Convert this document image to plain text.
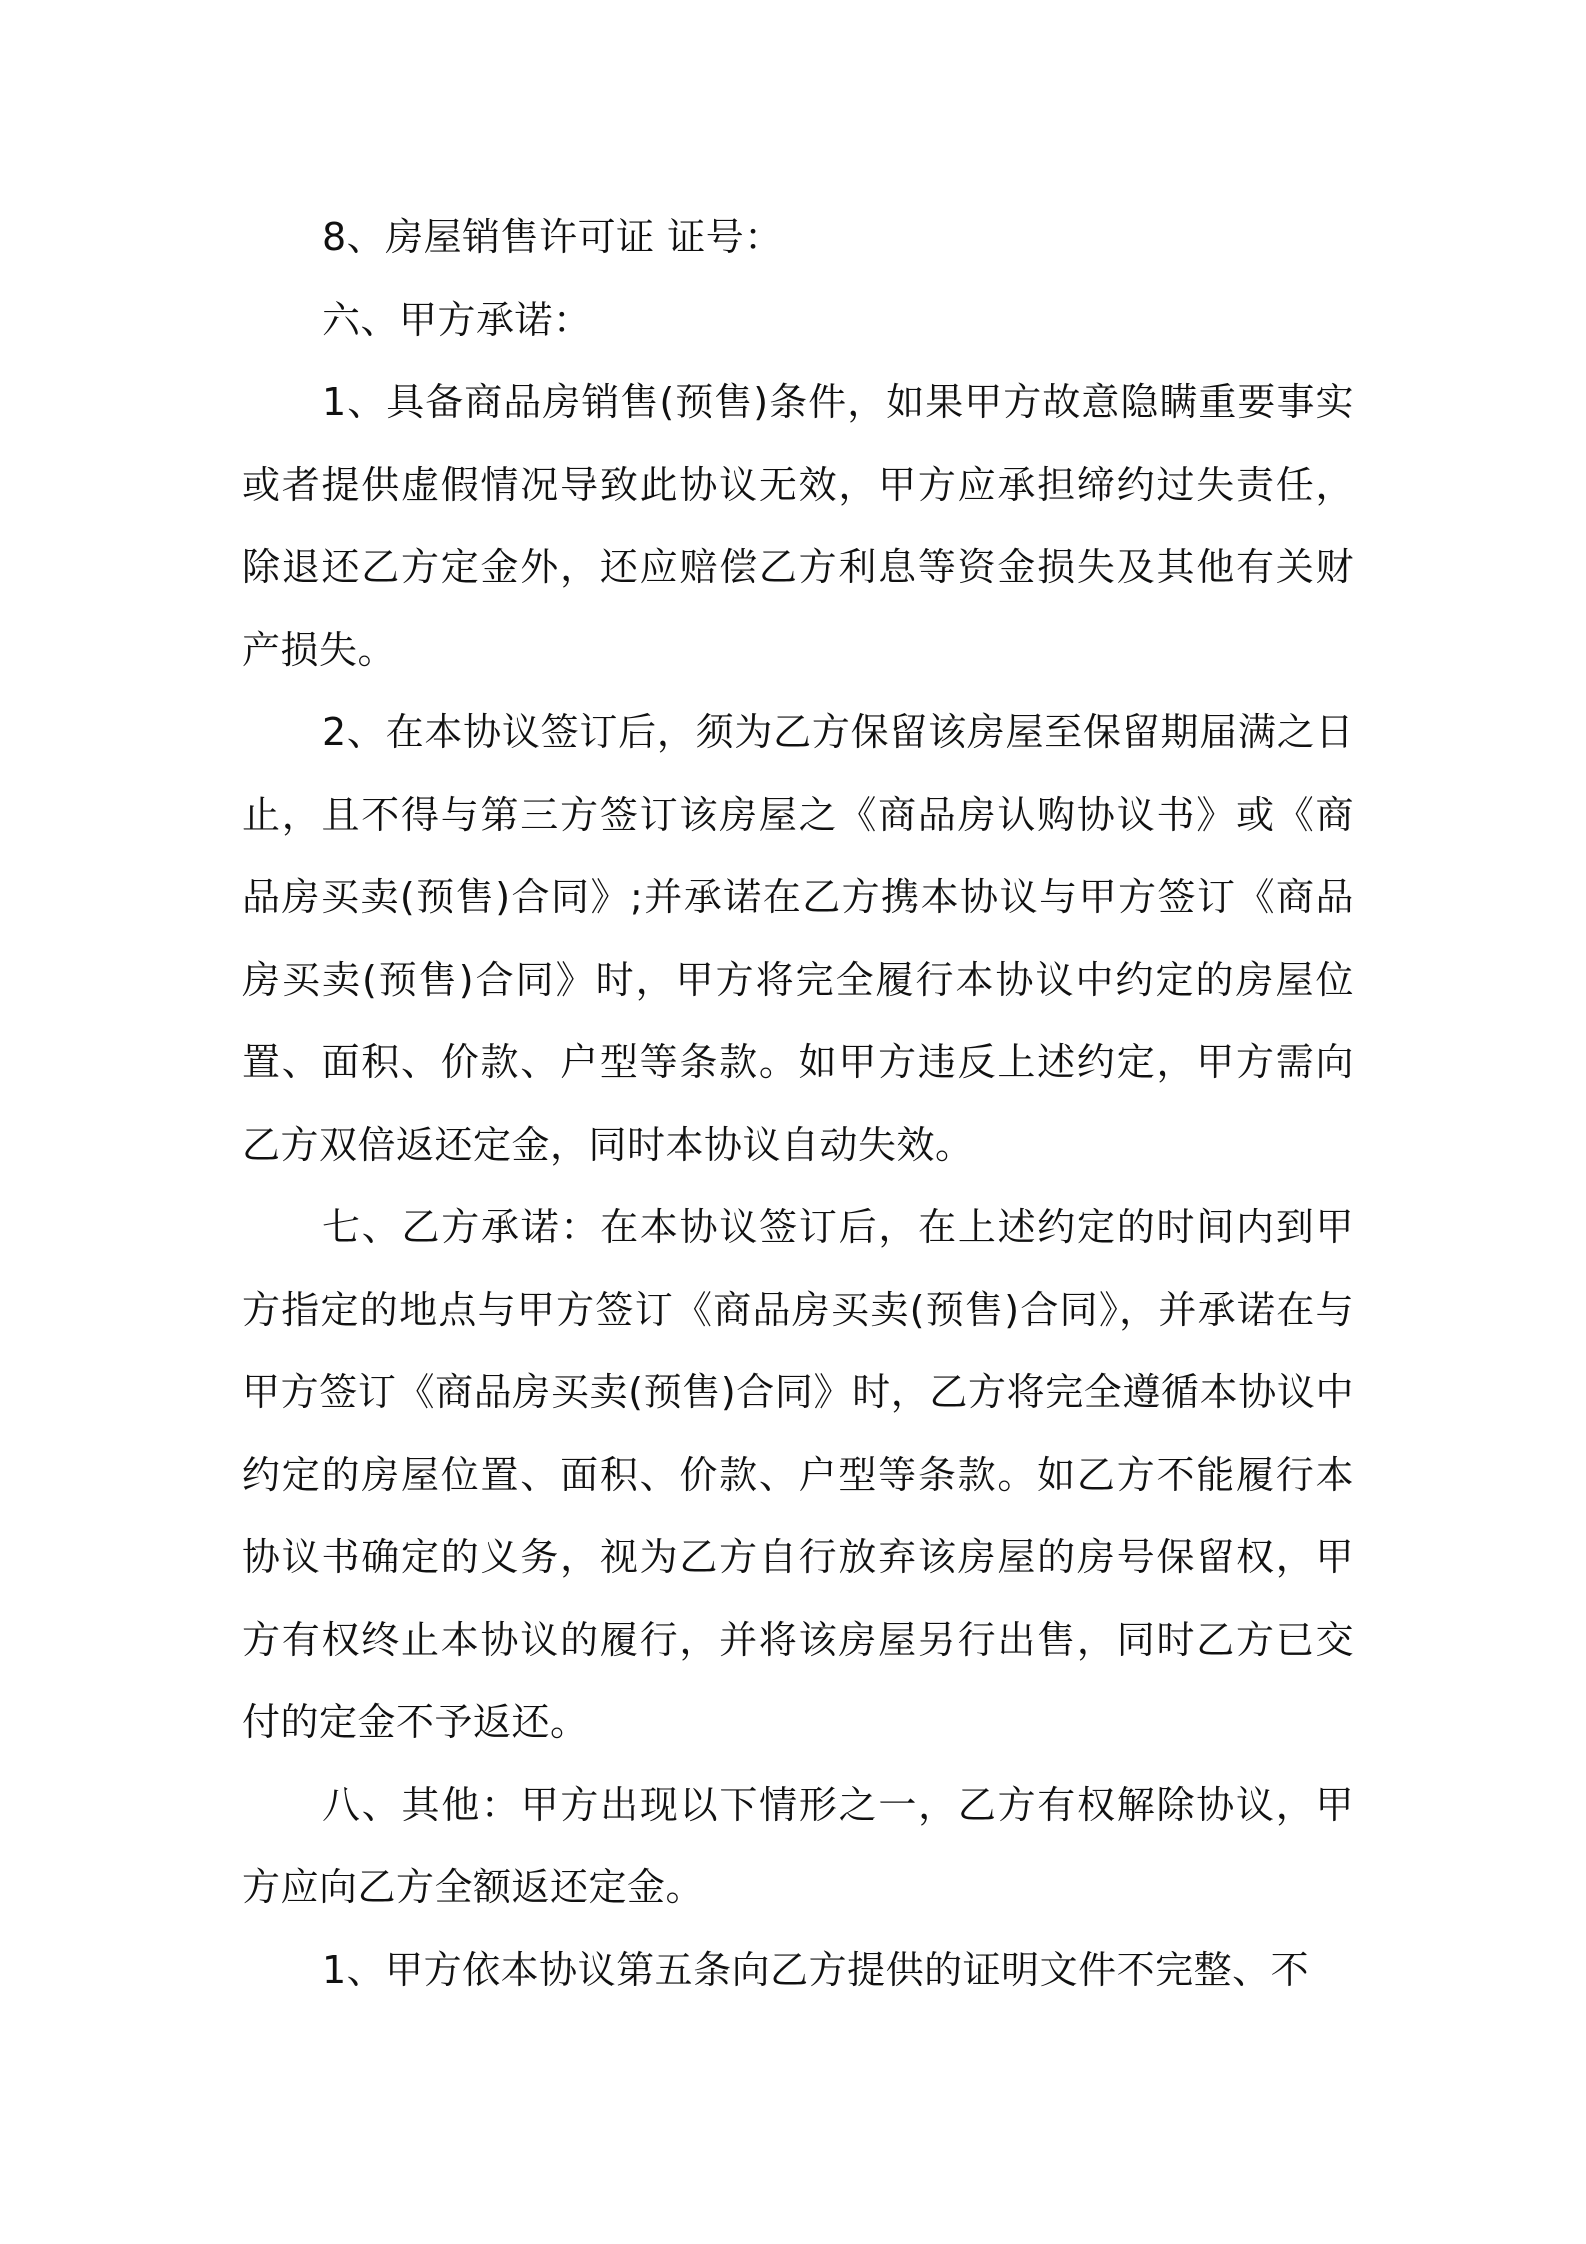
8、房屋销售许可证 证号：

六、甲方承诺：

1、具备商品房销售(预售)条件，如果甲方故意隐瞒重要事实或者提供虚假情况导致此协议无效，甲方应承担缔约过失责任，除退还乙方定金外，还应赔偿乙方利息等资金损失及其他有关财产损失。

2、在本协议签订后，须为乙方保留该房屋至保留期届满之日止，且不得与第三方签订该房屋之《商品房认购协议书》或《商品房买卖(预售)合同》;并承诺在乙方携本协议与甲方签订《商品房买卖(预售)合同》时，甲方将完全履行本协议中约定的房屋位置、面积、价款、户型等条款。如甲方违反上述约定，甲方需向乙方双倍返还定金，同时本协议自动失效。

七、乙方承诺：在本协议签订后，在上述约定的时间内到甲方指定的地点与甲方签订《商品房买卖(预售)合同》，并承诺在与甲方签订《商品房买卖(预售)合同》时，乙方将完全遵循本协议中约定的房屋位置、面积、价款、户型等条款。如乙方不能履行本协议书确定的义务，视为乙方自行放弃该房屋的房号保留权，甲方有权终止本协议的履行，并将该房屋另行出售，同时乙方已交付的定金不予返还。

八、其他：甲方出现以下情形之一，乙方有权解除协议，甲方应向乙方全额返还定金。

1、甲方依本协议第五条向乙方提供的证明文件不完整、不
